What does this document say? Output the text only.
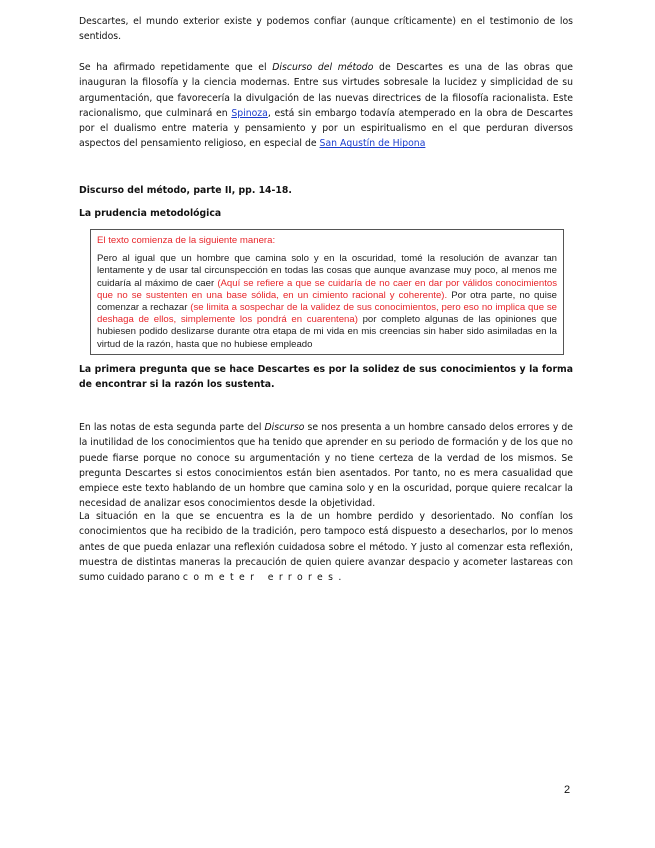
Descartes, el mundo exterior existe y podemos confiar (aunque críticamente) en el testimonio de los sentidos.

Se ha afirmado repetidamente que el Discurso del método de Descartes es una de las obras que inauguran la filosofía y la ciencia modernas. Entre sus virtudes sobresale la lucidez y simplicidad de su argumentación, que favorecería la divulgación de las nuevas directrices de la filosofía racionalista. Este racionalismo, que culminará en Spinoza, está sin embargo todavía atemperado en la obra de Descartes por el dualismo entre materia y pensamiento y por un espiritualismo en el que perduran diversos aspectos del pensamiento religioso, en especial de San Agustín de Hipona

Discurso del método, parte II, pp. 14-18.

La prudencia metodológica

El texto comienza de la siguiente manera:

Pero al igual que un hombre que camina solo y en la oscuridad, tomé la resolución de avanzar tan lentamente y de usar tal circunspección en todas las cosas que aunque avanzase muy poco, al menos me cuidaría al máximo de caer (Aquí se refiere a que se cuidaría de no caer en dar por válidos conocimientos que no se sustenten en una base sólida, en un cimiento racional y coherente). Por otra parte, no quise comenzar a rechazar (se limita a sospechar de la validez de sus conocimientos, pero eso no implica que se deshaga de ellos, simplemente los pondrá en cuarentena) por completo algunas de las opiniones que hubiesen podido deslizarse durante otra etapa de mi vida en mis creencias sin haber sido asimiladas en la virtud de la razón, hasta que no hubiese empleado

La primera pregunta que se hace Descartes es por la solidez de sus conocimientos y la forma de encontrar si la razón los sustenta.

En las notas de esta segunda parte del Discurso se nos presenta a un hombre cansado delos errores y de la inutilidad de los conocimientos que ha tenido que aprender en su periodo de formación y de los que no puede fiarse porque no conoce su argumentación y no tiene certeza de la verdad de los mismos. Se pregunta Descartes si estos conocimientos están bien asentados. Por tanto, no es mera casualidad que empiece este texto hablando de un hombre que camina solo y en la oscuridad, porque quiere recalcar la necesidad de analizar esos conocimientos desde la objetividad.

La situación en la que se encuentra es la de un hombre perdido y desorientado. No confían los conocimientos que ha recibido de la tradición, pero tampoco está dispuesto a desecharlos, por lo menos antes de que pueda enlazar una reflexión cuidadosa sobre el método. Y justo al comenzar esta reflexión, muestra de distintas maneras la precaución de quien quiere avanzar despacio y acometer lastareas con sumo cuidado parano cometer errores.

2
